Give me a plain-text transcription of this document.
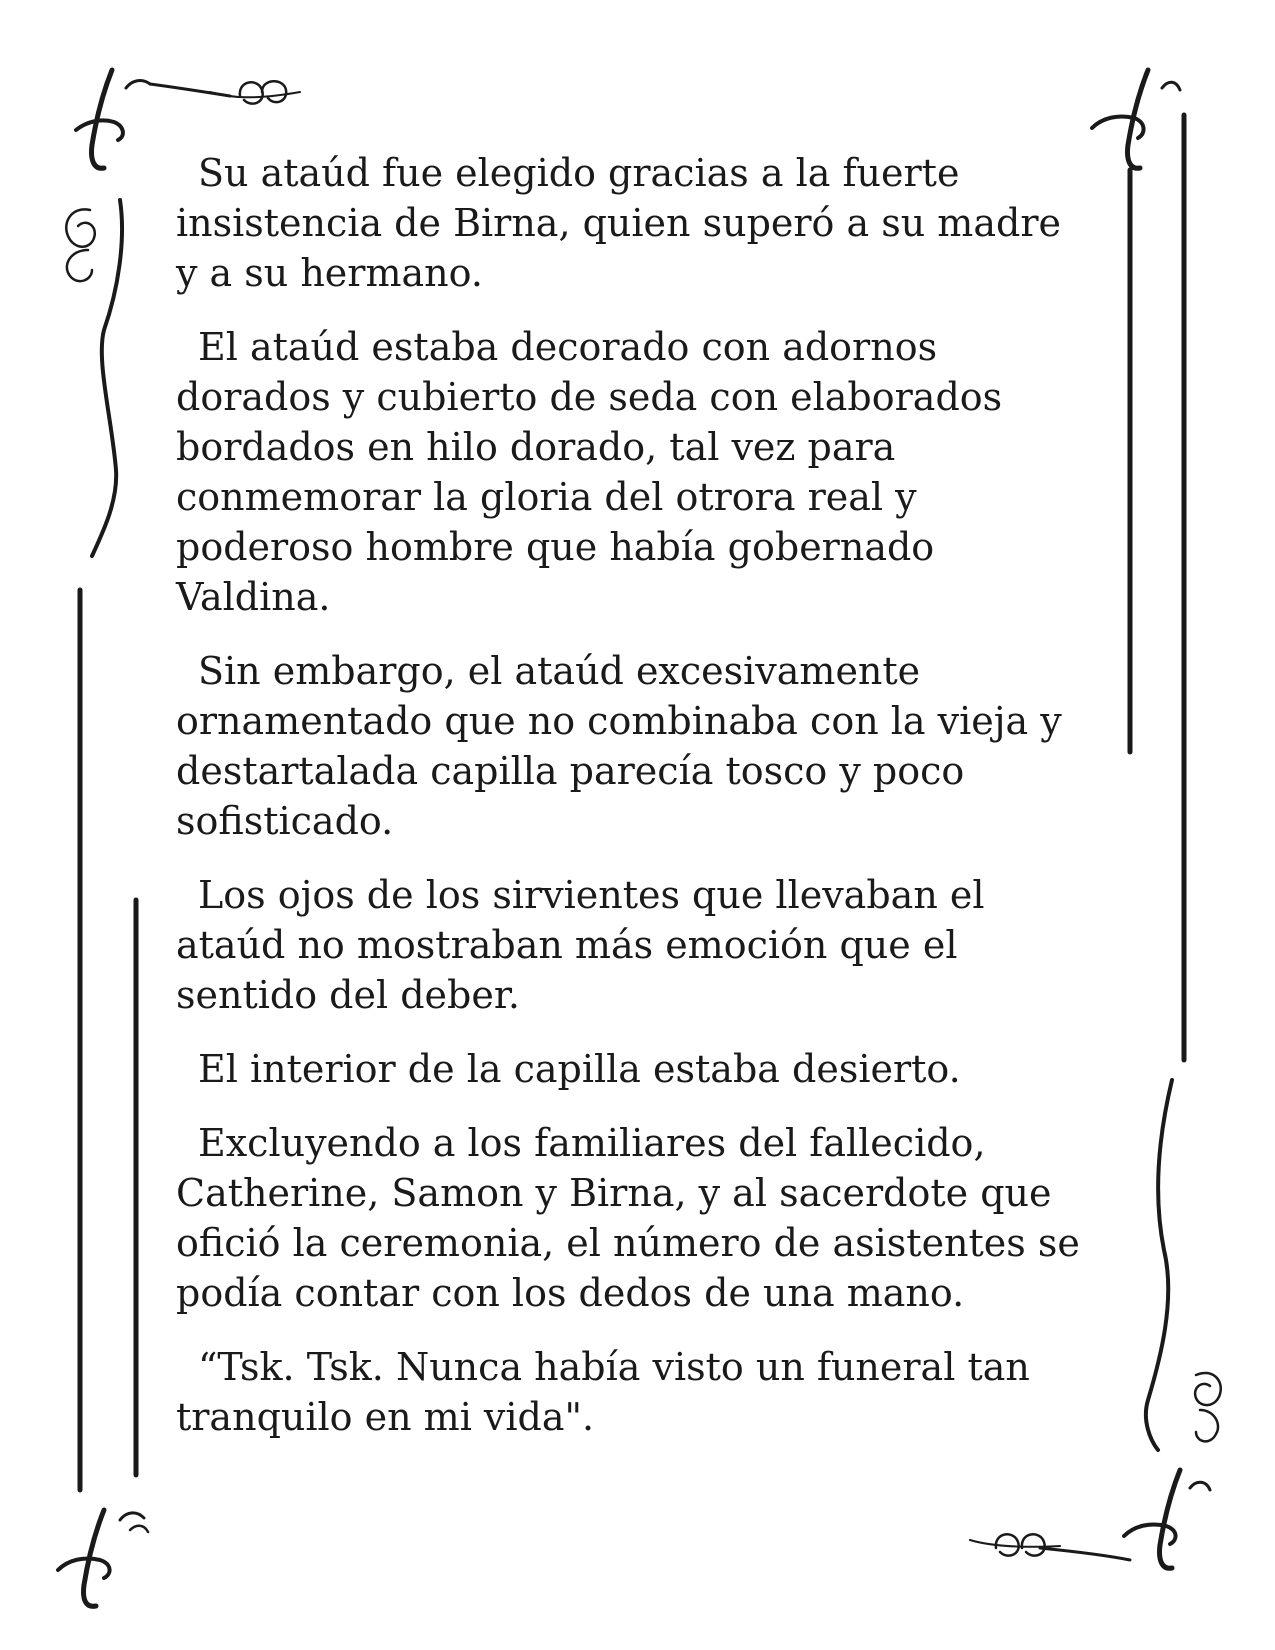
Su ataúd fue elegido gracias a la fuerte
insistencia de Birna, quien superó a su madre
y a su hermano.

El ataúd estaba decorado con adornos
dorados y cubierto de seda con elaborados
bordados en hilo dorado, tal vez para
conmemorar la gloria del otrora real y
poderoso hombre que había gobernado
Valdina.

Sin embargo, el ataúd excesivamente
ornamentado que no combinaba con la vieja y
destartalada capilla parecía tosco y poco
sofisticado.

Los ojos de los sirvientes que llevaban el
ataúd no mostraban más emoción que el
sentido del deber.

El interior de la capilla estaba desierto.

Excluyendo a los familiares del fallecido,
Catherine, Samon y Birna, y al sacerdote que
ofició la ceremonia, el número de asistentes se
podía contar con los dedos de una mano.

“Tsk. Tsk. Nunca había visto un funeral tan
tranquilo en mi vida".
